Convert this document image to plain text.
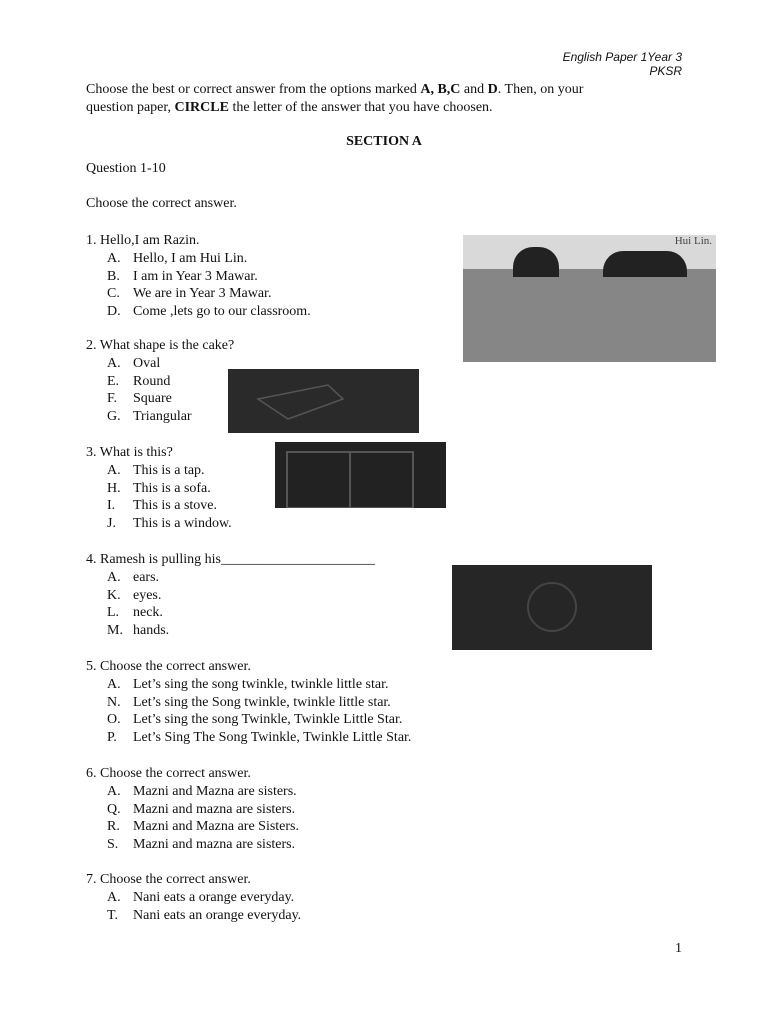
English Paper 1Year 3
PKSR
Choose the best or correct answer from the options marked A, B,C and D. Then, on your
question paper, CIRCLE the letter of the answer that you have choosen.
SECTION A
Question 1-10
Choose the correct answer.
1. Hello,I am Razin.
A. Hello, I am Hui Lin.
B. I am in Year 3 Mawar.
C. We are in Year 3 Mawar.
D. Come ,lets go to our classroom.
2. What shape is the cake?
A. Oval
E. Round
F. Square
G. Triangular
3. What is this?
A. This is a tap.
H. This is a sofa.
I. This is a stove.
J. This is a window.
4. Ramesh is pulling his______________________
A. ears.
K. eyes.
L. neck.
M. hands.
5. Choose the correct answer.
A. Let’s sing the song twinkle, twinkle little star.
N. Let’s sing the Song twinkle, twinkle little star.
O. Let’s sing the song Twinkle, Twinkle Little Star.
P. Let’s Sing The Song Twinkle, Twinkle Little Star.
6. Choose the correct answer.
A. Mazni and Mazna are sisters.
Q. Mazni and mazna are sisters.
R. Mazni and Mazna are Sisters.
S. Mazni and mazna are sisters.
7. Choose the correct answer.
A. Nani eats a orange everyday.
T. Nani eats an orange everyday.
Hui Lin.
1
